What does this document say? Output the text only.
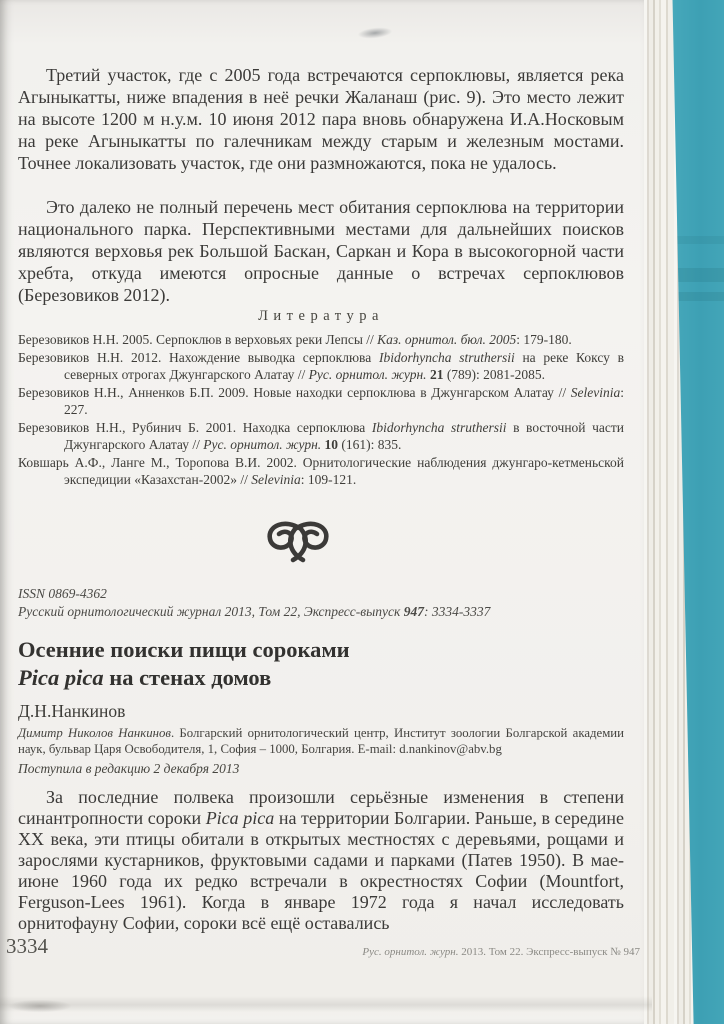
Третий участок, где с 2005 года встречаются серпоклювы, является река Агыныкатты, ниже впадения в неё речки Жаланаш (рис. 9). Это место лежит на высоте 1200 м н.у.м. 10 июня 2012 пара вновь обнаружена И.А.Носковым на реке Агыныкатты по галечникам между старым и железным мостами. Точнее локализовать участок, где они размножаются, пока не удалось.

Это далеко не полный перечень мест обитания серпоклюва на территории национального парка. Перспективными местами для дальнейших поисков являются верховья рек Большой Баскан, Саркан и Кора в высокогорной части хребта, откуда имеются опросные данные о встречах серпоклювов (Березовиков 2012).

Литература
Березовиков Н.Н. 2005. Серпоклюв в верховьях реки Лепсы // Каз. орнитол. бюл. 2005: 179-180.
Березовиков Н.Н. 2012. Нахождение выводка серпоклюва Ibidorhyncha struthersii на реке Коксу в северных отрогах Джунгарского Алатау // Рус. орнитол. журн. 21 (789): 2081-2085.
Березовиков Н.Н., Анненков Б.П. 2009. Новые находки серпоклюва в Джунгарском Алатау // Selevinia: 227.
Березовиков Н.Н., Рубинич Б. 2001. Находка серпоклюва Ibidorhyncha struthersii в восточной части Джунгарского Алатау // Рус. орнитол. журн. 10 (161): 835.
Ковшарь А.Ф., Ланге М., Торопова В.И. 2002. Орнитологические наблюдения джунгаро-кетменьской экспедиции «Казахстан-2002» // Selevinia: 109-121.
ISSN 0869-4362
Русский орнитологический журнал 2013, Том 22, Экспресс-выпуск 947: 3334-3337
Осенние поиски пищи сороками
Pica pica на стенах домов
Д.Н.Нанкинов
Димитр Николов Нанкинов. Болгарский орнитологический центр, Институт зоологии Болгарской академии наук, бульвар Царя Освободителя, 1, София – 1000, Болгария. E-mail: d.nankinov@abv.bg
Поступила в редакцию 2 декабря 2013

За последние полвека произошли серьёзные изменения в степени синантропности сороки Pica pica на территории Болгарии. Раньше, в середине XX века, эти птицы обитали в открытых местностях с деревьями, рощами и зарослями кустарников, фруктовыми садами и парками (Патев 1950). В мае-июне 1960 года их редко встречали в окрестностях Софии (Mountfort, Ferguson-Lees 1961). Когда в январе 1972 года я начал исследовать орнитофауну Софии, сороки всё ещё оставались

3334	Рус. орнитол. журн. 2013. Том 22. Экспресс-выпуск № 947
